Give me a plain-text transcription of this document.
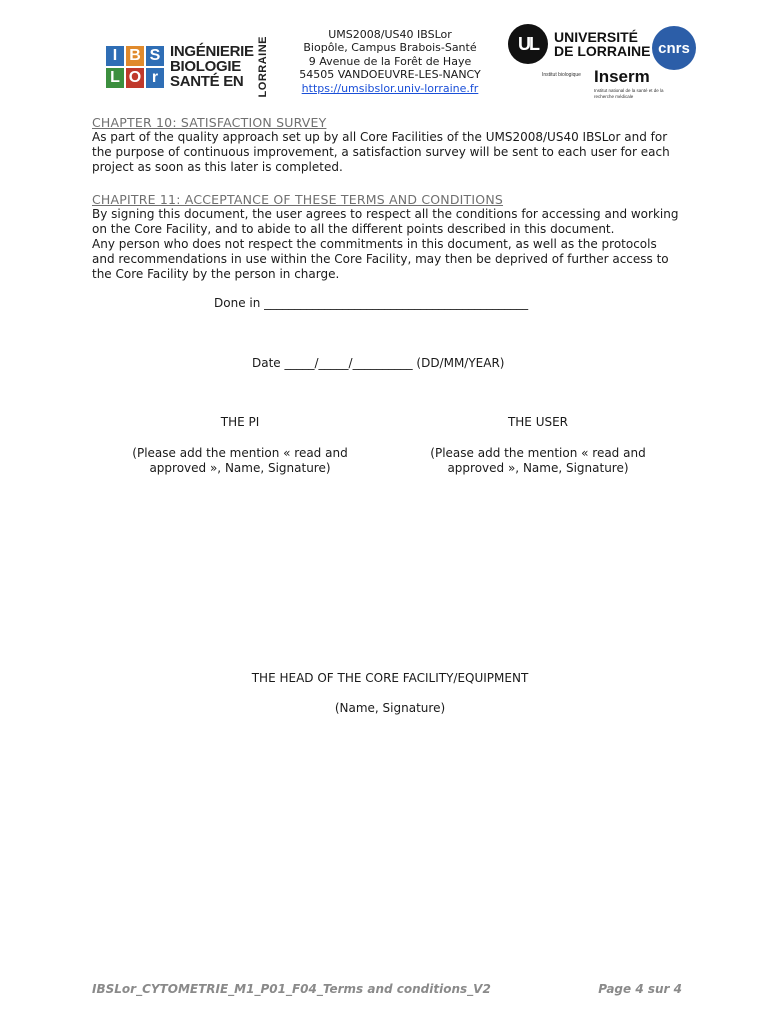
I B S
L O r
INGÉNIERIE
BIOLOGIE
SANTÉ EN	LORRAINE
UMS2008/US40 IBSLor
Biopôle, Campus Brabois-Santé
9 Avenue de la Forêt de Haye
54505 VANDOEUVRE-LES-NANCY
https://umsibslor.univ-lorraine.fr
UL	UNIVERSITÉ
DE LORRAINE cnrs
Institut biologique Inserm
Institut national de la santé et de la recherche médicale
CHAPTER 10: SATISFACTION SURVEY

As part of the quality approach set up by all Core Facilities of the UMS2008/US40 IBSLor and for

the purpose of continuous improvement, a satisfaction survey will be sent to each user for each

project as soon as this later is completed.

CHAPITRE 11: ACCEPTANCE OF THESE TERMS AND CONDITIONS

By signing this document, the user agrees to respect all the conditions for accessing and working

on the Core Facility, and to abide to all the different points described in this document.

Any person who does not respect the commitments in this document, as well as the protocols

and recommendations in use within the Core Facility, may then be deprived of further access to

the Core Facility by the person in charge.

Done in ____________________________________________
Date _____/_____/__________ (DD/MM/YEAR)
THE PI
(Please add the mention « read and
approved », Name, Signature)
THE USER
(Please add the mention « read and
approved », Name, Signature)
THE HEAD OF THE CORE FACILITY/EQUIPMENT
(Name, Signature)
IBSLor_CYTOMETRIE_M1_P01_F04_Terms and conditions_V2	Page 4 sur 4
